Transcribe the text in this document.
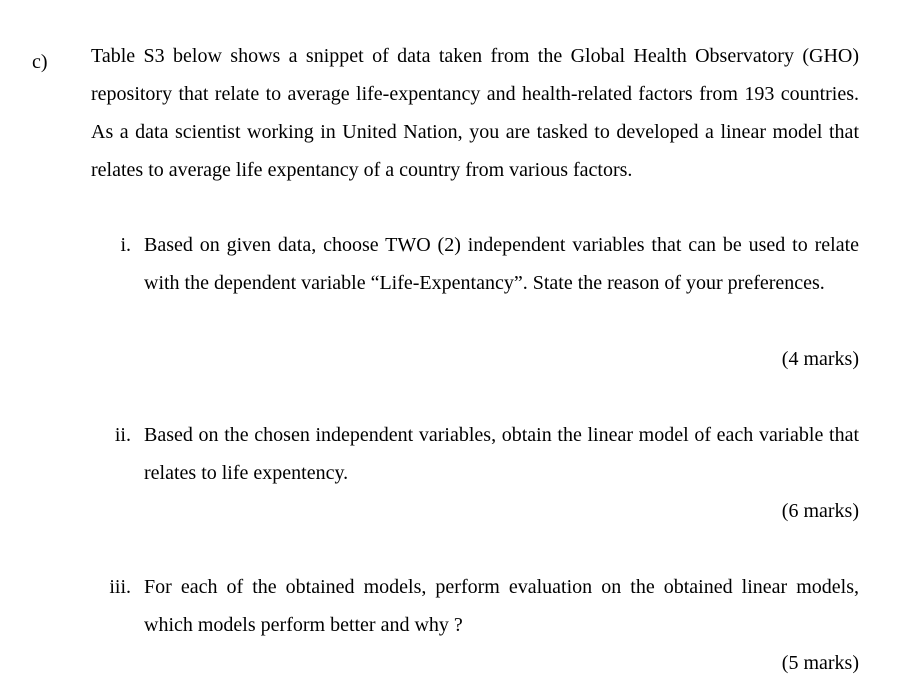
c) Table S3 below shows a snippet of data taken from the Global Health Observatory (GHO) repository that relate to average life-expentancy and health-related factors from 193 countries. As a data scientist working in United Nation, you are tasked to developed a linear model that relates to average life expentancy of a country from various factors.
i. Based on given data, choose TWO (2) independent variables that can be used to relate with the dependent variable “Life-Expentancy”. State the reason of your preferences.
(4 marks)
ii. Based on the chosen independent variables, obtain the linear model of each variable that relates to life expentency.
(6 marks)
iii. For each of the obtained models, perform evaluation on the obtained linear models, which models perform better and why ?
(5 marks)
